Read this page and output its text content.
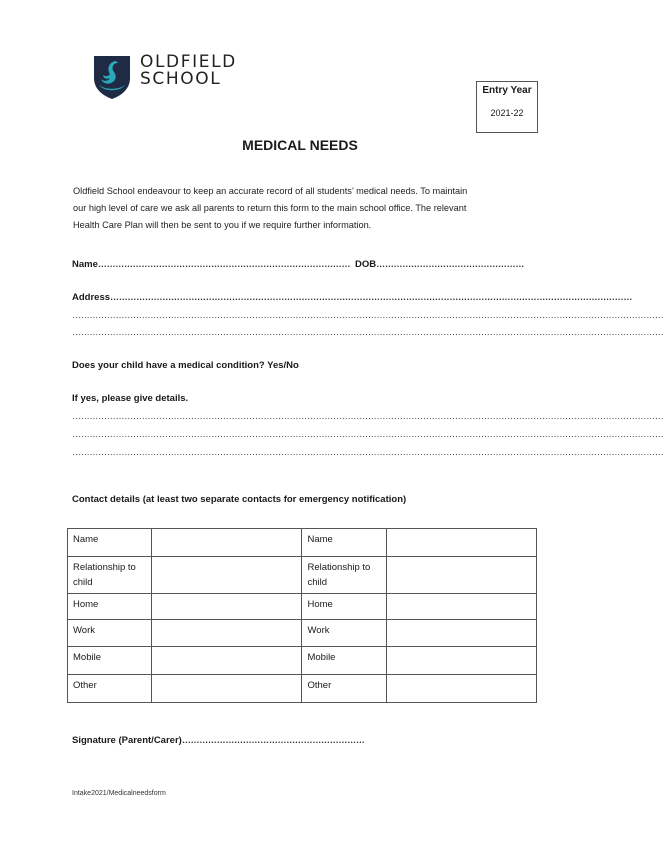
OLDFIELD
SCHOOL
Entry Year
2021-22
MEDICAL NEEDS
Oldfield School endeavour to keep an accurate record of all students’ medical needs. To maintain
our high level of care we ask all parents to return this form to the main school office. The relevant
Health Care Plan will then be sent to you if we require further information.
Name…………………………………………………………………………… DOB……………………………………………
Address………………………………………………………………………………………………………………………………………………………………
……………………………………………………………………………………………………………………………………………………………………………………
……………………………………………………………………………………………………………………………………………………………………………………
Does your child have a medical condition? Yes/No
If yes, please give details.
……………………………………………………………………………………………………………………………………………………………………………………
……………………………………………………………………………………………………………………………………………………………………………………
……………………………………………………………………………………………………………………………………………………………………………………
Contact details (at least two separate contacts for emergency notification)
Name		Name	
Relationship to child		Relationship to child	
Home		Home	
Work		Work	
Mobile		Mobile	
Other		Other	
Signature (Parent/Carer)………………………………………………………
Intake2021/Medicalneedsform
